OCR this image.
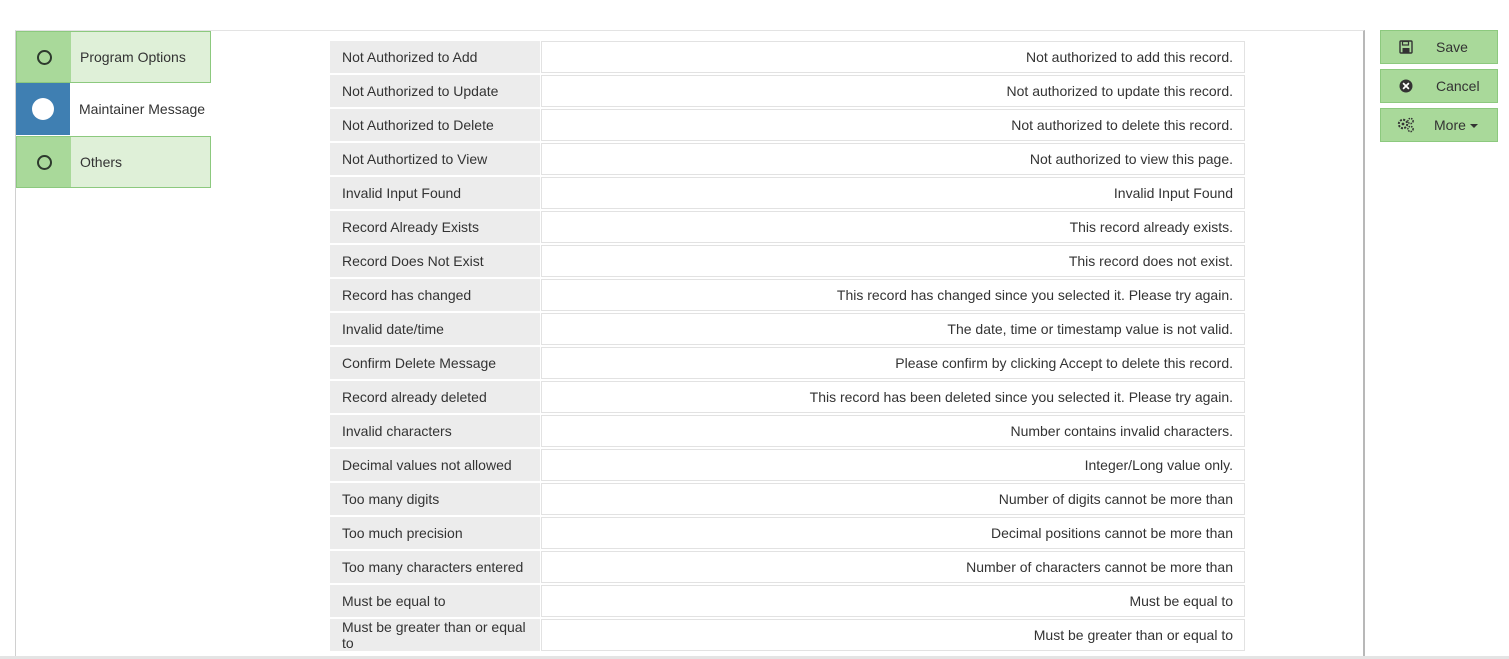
Program Options
Maintainer Message
Others
Not Authorized to Add	Not authorized to add this record.
Not Authorized to Update	Not authorized to update this record.
Not Authorized to Delete	Not authorized to delete this record.
Not Authortized to View	Not authorized to view this page.
Invalid Input Found	Invalid Input Found
Record Already Exists	This record already exists.
Record Does Not Exist	This record does not exist.
Record has changed	This record has changed since you selected it. Please try again.
Invalid date/time	The date, time or timestamp value is not valid.
Confirm Delete Message	Please confirm by clicking Accept to delete this record.
Record already deleted	This record has been deleted since you selected it. Please try again.
Invalid characters	Number contains invalid characters.
Decimal values not allowed	Integer/Long value only.
Too many digits	Number of digits cannot be more than
Too much precision	Decimal positions cannot be more than
Too many characters entered	Number of characters cannot be more than
Must be equal to	Must be equal to
Must be greater than or equal to	Must be greater than or equal to
Save
Cancel
More
